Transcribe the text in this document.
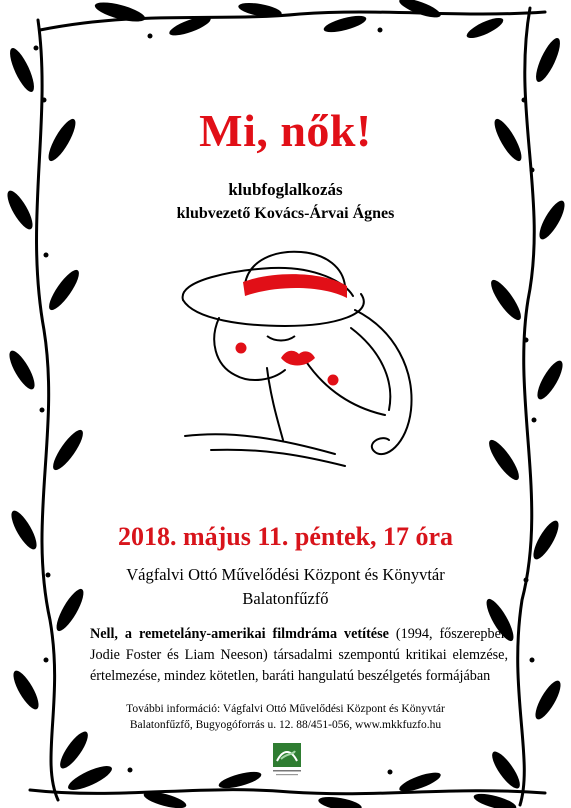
Mi, nők!
klubfoglalkozás
klubvezető Kovács-Árvai Ágnes
2018. május 11. péntek, 17 óra
Vágfalvi Ottó Művelődési Központ és Könyvtár
Balatonfűzfő
Nell, a remetelány-amerikai filmdráma vetítése (1994, főszerepben Jodie Foster és Liam Neeson) társadalmi szempontú kritikai elemzése, értelmezése, mindez kötetlen, baráti hangulatú beszélgetés formájában
További információ: Vágfalvi Ottó Művelődési Központ és Könyvtár
Balatonfűzfő, Bugyogóforrás u. 12. 88/451-056, www.mkkfuzfo.hu
